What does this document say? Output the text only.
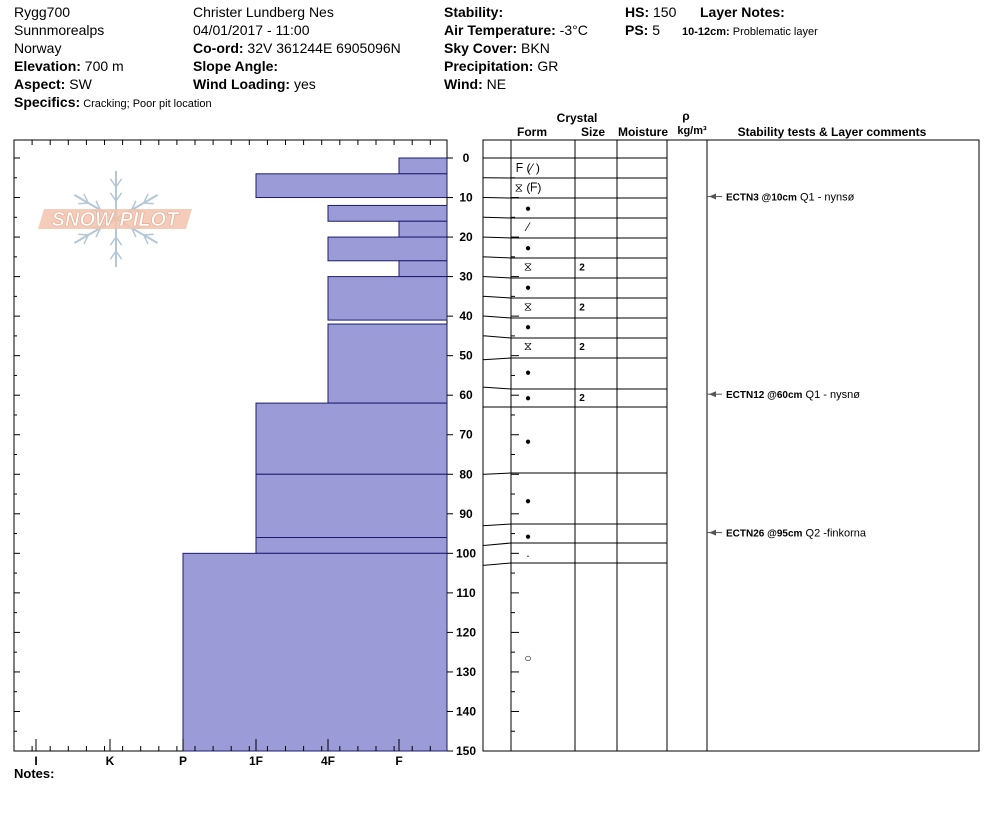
Rygg700
Sunnmorealps
Norway
Elevation: 700 m
Aspect: SW
Christer Lundberg Nes
04/01/2017 - 11:00
Co-ord: 32V 361244E 6905096N
Slope Angle:
Wind Loading: yes
Stability:
Air Temperature: -3°C
Sky Cover: BKN
Precipitation: GR
Wind: NE
HS: 150
PS: 5
Layer Notes:
10-12cm: Problematic layer
Specifics: Cracking; Poor pit location
SNOW PILOT
I	K	P	1F	4F	F
0
10
20
30
40
50
60
70
80
90
100
110
120
130
140
150
Crystal
Form	Size Moisture
ρ
kg/m³	Stability tests & Layer comments
ᖴ (⁄ )
⧖ (ᖴ)
●
⁄
●
⧖	2
●
⧖	2
●
⧖	2
●
●	2
●
●
●
·
○
ECTN3 @10cm Q1 - nynsø
ECTN12 @60cm Q1 - nysnø
ECTN26 @95cm Q2 -finkorna
Notes:
